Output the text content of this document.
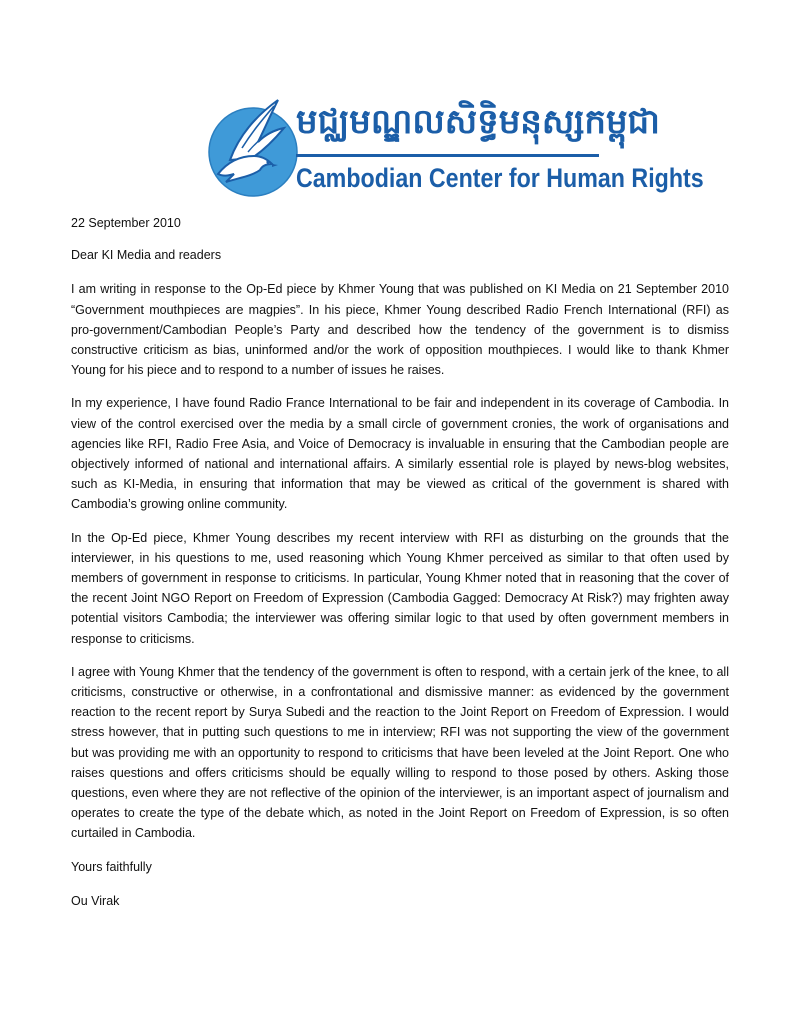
មជ្ឈមណ្ឌលសិទ្ធិមនុស្សកម្ពុជា
Cambodian Center for Human Rights

22 September 2010

Dear KI Media and readers

I am writing in response to the Op-Ed piece by Khmer Young that was published on KI Media on 21 September 2010 “Government mouthpieces are magpies”. In his piece, Khmer Young described Radio French International (RFI) as pro-government/Cambodian People’s Party and described how the tendency of the government is to dismiss constructive criticism as bias, uninformed and/or the work of opposition mouthpieces. I would like to thank Khmer Young for his piece and to respond to a number of issues he raises.

In my experience, I have found Radio France International to be fair and independent in its coverage of Cambodia. In view of the control exercised over the media by a small circle of government cronies, the work of organisations and agencies like RFI, Radio Free Asia, and Voice of Democracy is invaluable in ensuring that the Cambodian people are objectively informed of national and international affairs. A similarly essential role is played by news-blog websites, such as KI-Media, in ensuring that information that may be viewed as critical of the government is shared with Cambodia’s growing online community.

In the Op-Ed piece, Khmer Young describes my recent interview with RFI as disturbing on the grounds that the interviewer, in his questions to me, used reasoning which Young Khmer perceived as similar to that often used by members of government in response to criticisms. In particular, Young Khmer noted that in reasoning that the cover of the recent Joint NGO Report on Freedom of Expression (Cambodia Gagged: Democracy At Risk?) may frighten away potential visitors Cambodia; the interviewer was offering similar logic to that used by often government members in response to criticisms.

I agree with Young Khmer that the tendency of the government is often to respond, with a certain jerk of the knee, to all criticisms, constructive or otherwise, in a confrontational and dismissive manner: as evidenced by the government reaction to the recent report by Surya Subedi and the reaction to the Joint Report on Freedom of Expression. I would stress however, that in putting such questions to me in interview; RFI was not supporting the view of the government but was providing me with an opportunity to respond to criticisms that have been leveled at the Joint Report. One who raises questions and offers criticisms should be equally willing to respond to those posed by others. Asking those questions, even where they are not reflective of the opinion of the interviewer, is an important aspect of journalism and operates to create the type of the debate which, as noted in the Joint Report on Freedom of Expression, is so often curtailed in Cambodia.

Yours faithfully

Ou Virak
